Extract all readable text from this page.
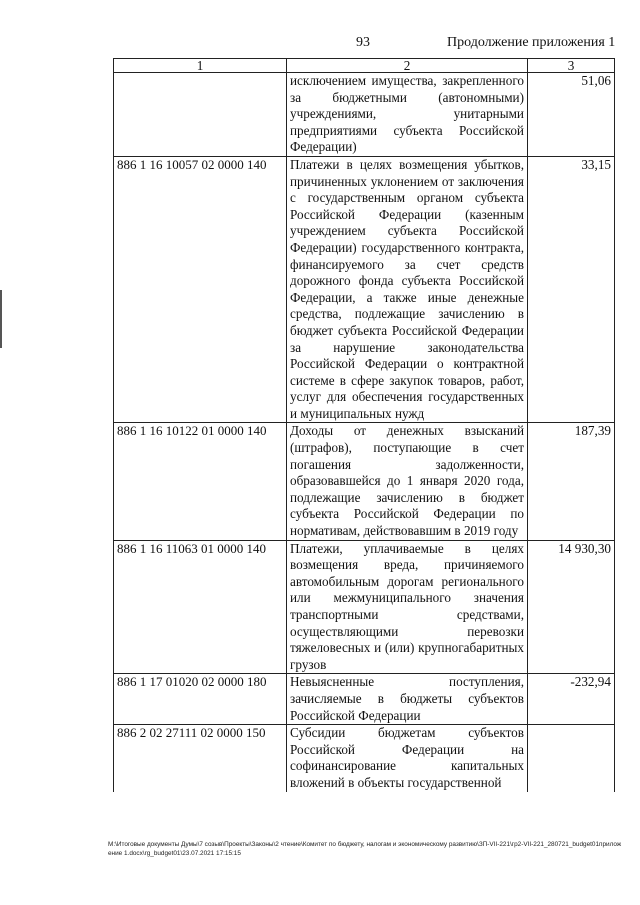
93	Продолжение приложения 1
1	2	3
	исключением имущества, закрепленного за бюджетными (автономными) учреждениями, унитарными предприятиями субъекта Российской Федерации)	51,06
886 1 16 10057 02 0000 140	Платежи в целях возмещения убытков, причиненных уклонением от заключения с государственным органом субъекта Российской Федерации (казенным учреждением субъекта Российской Федерации) государственного контракта, финансируемого за счет средств дорожного фонда субъекта Российской Федерации, а также иные денежные средства, подлежащие зачислению в бюджет субъекта Российской Федерации за нарушение законодательства Российской Федерации о контрактной системе в сфере закупок товаров, работ, услуг для обеспечения государственных и муниципальных нужд	33,15
886 1 16 10122 01 0000 140	Доходы от денежных взысканий (штрафов), поступающие в счет погашения задолженности, образовавшейся до 1 января 2020 года, подлежащие зачислению в бюджет субъекта Российской Федерации по нормативам, действовавшим в 2019 году	187,39
886 1 16 11063 01 0000 140	Платежи, уплачиваемые в целях возмещения вреда, причиняемого автомобильным дорогам регионального или межмуниципального значения транспортными средствами, осуществляющими перевозки тяжеловесных и (или) крупногабаритных грузов	14 930,30
886 1 17 01020 02 0000 180	Невыясненные поступления, зачисляемые в бюджеты субъектов Российской Федерации	-232,94
886 2 02 27111 02 0000 150	Субсидии бюджетам субъектов Российской Федерации на софинансирование капитальных вложений в объекты государственной	
М:\Итоговые документы Думы\7 созыв\Проекты\Законы\2 чтение\Комитет по бюджету, налогам и экономическому развитию\ЗП-VII-221\гр2-VII-221_280721_budget01приложение 1.docx\rg_budget01\23.07.2021 17:15:15
